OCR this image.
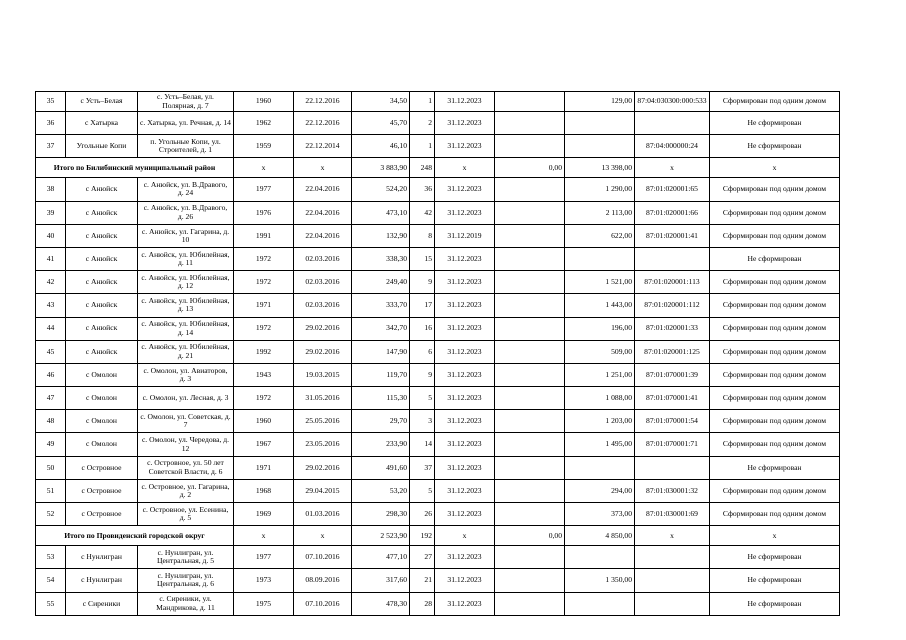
35	с Усть–Белая	с. Усть–Белая, ул. Полярная, д. 7	1960	22.12.2016	34,50	1	31.12.2023		129,00	87:04:030300:000:533	Сформирован под одним домом
36	с Хатырка	с. Хатырка, ул. Речная, д. 14	1962	22.12.2016	45,70	2	31.12.2023				Не сформирован
37	Угольные Копи	п. Угольные Копи, ул. Строителей, д. 1	1959	22.12.2014	46,10	1	31.12.2023			87:04:000000:24	Не сформирован
Итого по Билибинский муниципальный район			x	x	3 883,90	248	x	0,00	13 398,00	x	x
38	с Анюйск	с. Анюйск, ул. В.Дравого, д. 24	1977	22.04.2016	524,20	36	31.12.2023		1 290,00	87:01:020001:65	Сформирован под одним домом
39	с Анюйск	с. Анюйск, ул. В.Дравого, д. 26	1976	22.04.2016	473,10	42	31.12.2023		2 113,00	87:01:020001:66	Сформирован под одним домом
40	с Анюйск	с. Анюйск, ул. Гагарина, д. 10	1991	22.04.2016	132,90	8	31.12.2019		622,00	87:01:020001:41	Сформирован под одним домом
41	с Анюйск	с. Анюйск, ул. Юбилейная, д. 11	1972	02.03.2016	338,30	15	31.12.2023				Не сформирован
42	с Анюйск	с. Анюйск, ул. Юбилейная, д. 12	1972	02.03.2016	249,40	9	31.12.2023		1 521,00	87:01:020001:113	Сформирован под одним домом
43	с Анюйск	с. Анюйск, ул. Юбилейная, д. 13	1971	02.03.2016	333,70	17	31.12.2023		1 443,00	87:01:020001:112	Сформирован под одним домом
44	с Анюйск	с. Анюйск, ул. Юбилейная, д. 14	1972	29.02.2016	342,70	16	31.12.2023		196,00	87:01:020001:33	Сформирован под одним домом
45	с Анюйск	с. Анюйск, ул. Юбилейная, д. 21	1992	29.02.2016	147,90	6	31.12.2023		509,00	87:01:020001:125	Сформирован под одним домом
46	с Омолон	с. Омолон, ул. Авиаторов, д. 3	1943	19.03.2015	119,70	9	31.12.2023		1 251,00	87:01:070001:39	Сформирован под одним домом
47	с Омолон	с. Омолон, ул. Лесная, д. 3	1972	31.05.2016	115,30	5	31.12.2023		1 088,00	87:01:070001:41	Сформирован под одним домом
48	с Омолон	с. Омолон, ул. Советская, д. 7	1960	25.05.2016	29,70	3	31.12.2023		1 203,00	87:01:070001:54	Сформирован под одним домом
49	с Омолон	с. Омолон, ул. Чередова, д. 12	1967	23.05.2016	233,90	14	31.12.2023		1 495,00	87:01:070001:71	Сформирован под одним домом
50	с Островное	с. Островное, ул. 50 лет Советской Власти, д. 6	1971	29.02.2016	491,60	37	31.12.2023				Не сформирован
51	с Островное	с. Островное, ул. Гагарина, д. 2	1968	29.04.2015	53,20	5	31.12.2023		294,00	87:01:030001:32	Сформирован под одним домом
52	с Островное	с. Островное, ул. Есенина, д. 5	1969	01.03.2016	298,30	26	31.12.2023		373,00	87:01:030001:69	Сформирован под одним домом
Итого по Провиденский городской округ			x	x	2 523,90	192	x	0,00	4 850,00	x	x
53	с Нунлигран	с. Нунлигран, ул. Центральная, д. 5	1977	07.10.2016	477,10	27	31.12.2023				Не сформирован
54	с Нунлигран	с. Нунлигран, ул. Центральная, д. 6	1973	08.09.2016	317,60	21	31.12.2023		1 350,00		Не сформирован
55	с Сиреники	с. Сиреники, ул. Мандрикова, д. 11	1975	07.10.2016	478,30	28	31.12.2023				Не сформирован
